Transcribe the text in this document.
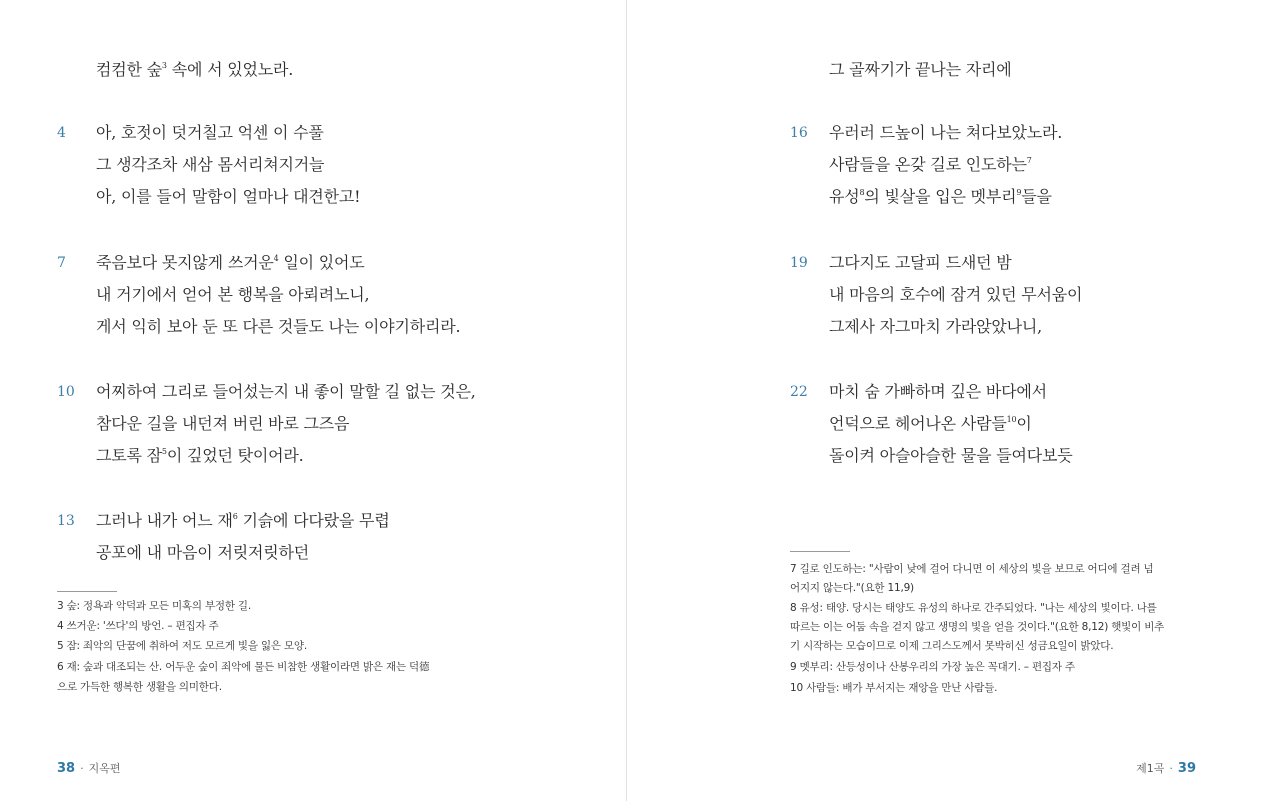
컴컴한 숲$^3$ 속에 서 있었노라.
4 아, 호젓이 덧거칠고 억센 이 수풀
그 생각조차 새삼 몸서리쳐지거늘
아, 이를 들어 말함이 얼마나 대견한고!
7 죽음보다 못지않게 쓰거운$^4$ 일이 있어도
내 거기에서 얻어 본 행복을 아뢰려노니,
게서 익히 보아 둔 또 다른 것들도 나는 이야기하리라.
10 어찌하여 그리로 들어섰는지 내 좋이 말할 길 없는 것은,
참다운 길을 내던져 버린 바로 그즈음
그토록 잠$^5$이 깊었던 탓이어라.
13 그러나 내가 어느 재$^6$ 기슭에 다다랐을 무렵
공포에 내 마음이 저릿저릿하던
3 숲: 정욕과 악덕과 모든 미혹의 부정한 길.
4 쓰거운: '쓰다'의 방언. – 편집자 주
5 잠: 죄악의 단꿈에 취하여 저도 모르게 빛을 잃은 모양.
6 재: 숲과 대조되는 산. 어두운 숲이 죄악에 물든 비참한 생활이라면 밝은 재는 덕德
으로 가득한 행복한 생활을 의미한다.
38 · 지옥편
그 골짜기가 끝나는 자리에
16 우러러 드높이 나는 쳐다보았노라.
사람들을 온갖 길로 인도하는$^7$
유성$^8$의 빛살을 입은 멧부리$^9$들을
19 그다지도 고달피 드새던 밤
내 마음의 호수에 잠겨 있던 무서움이
그제사 자그마치 가라앉았나니,
22 마치 숨 가빠하며 깊은 바다에서
언덕으로 헤어나온 사람들$^{10}$이
돌이켜 아슬아슬한 물을 들여다보듯
7 길로 인도하는: "사람이 낮에 걸어 다니면 이 세상의 빛을 보므로 어디에 걸려 넘
어지지 않는다."(요한 11,9)
8 유성: 태양. 당시는 태양도 유성의 하나로 간주되었다. "나는 세상의 빛이다. 나를
따르는 이는 어둠 속을 걷지 않고 생명의 빛을 얻을 것이다."(요한 8,12) 햇빛이 비추
기 시작하는 모습이므로 이제 그리스도께서 못박히신 성금요일이 밝았다.
9 멧부리: 산등성이나 산봉우리의 가장 높은 꼭대기. – 편집자 주
10 사람들: 배가 부서지는 재앙을 만난 사람들.
제1곡 · 39
